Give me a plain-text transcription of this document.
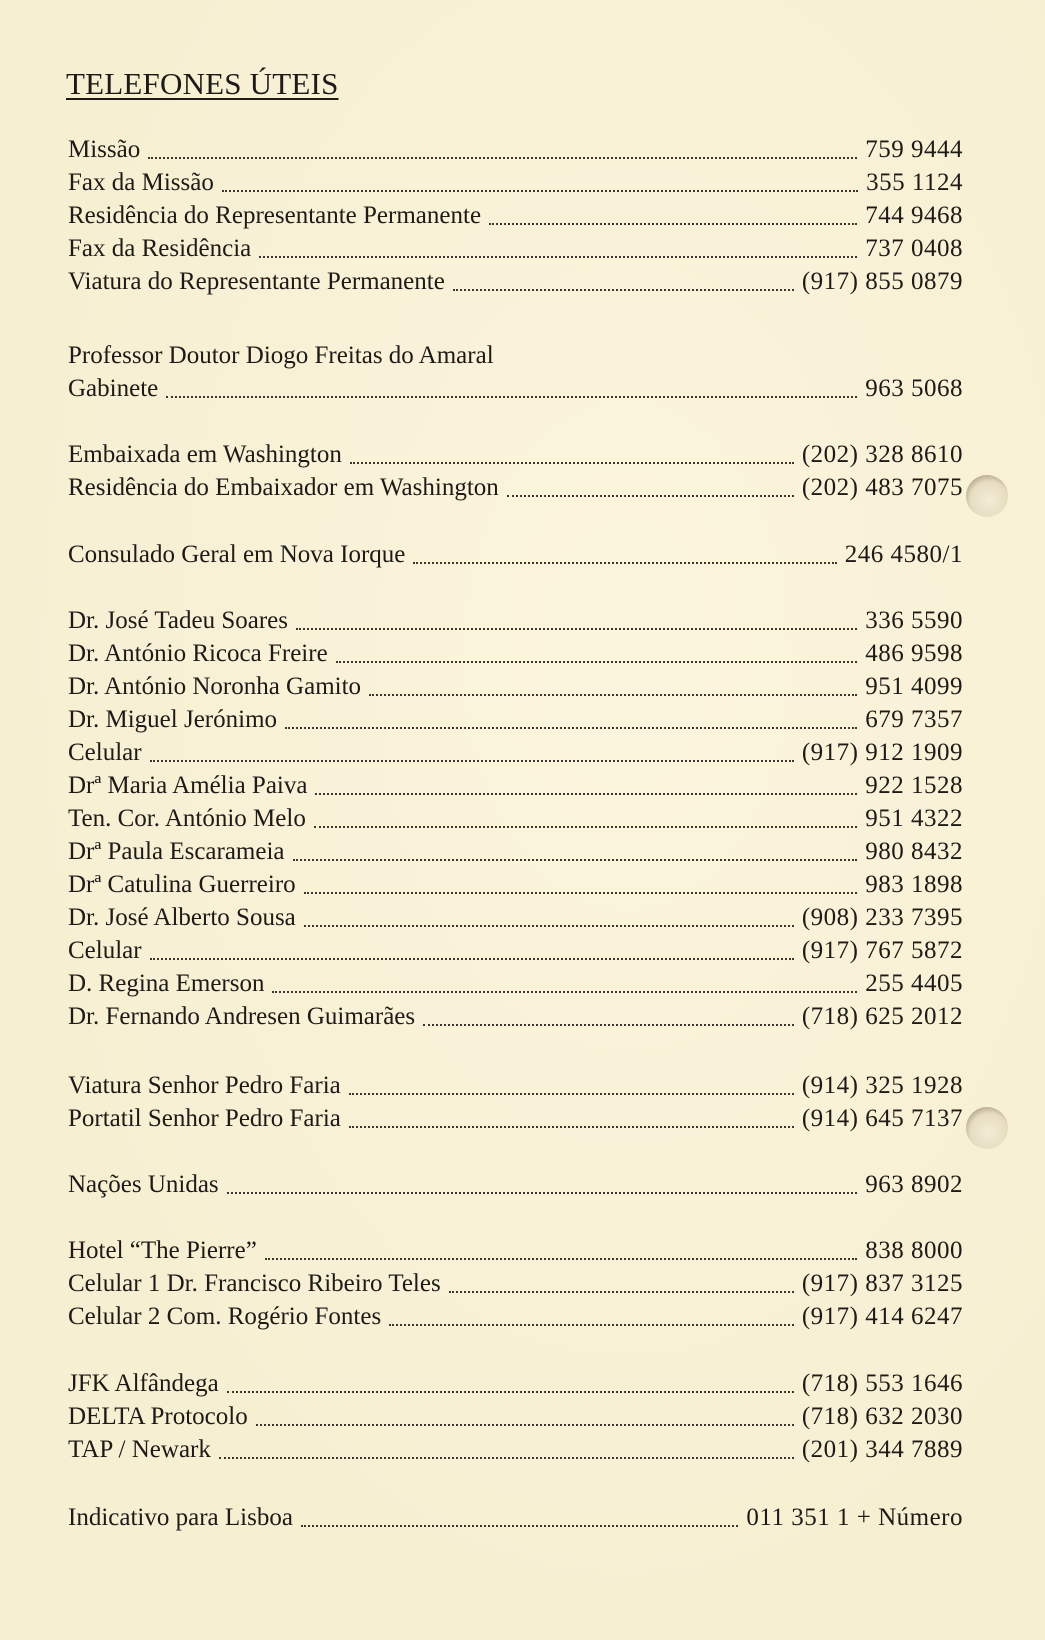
TELEFONES ÚTEIS
Missão	759 9444
Fax da Missão	355 1124
Residência do Representante Permanente	744 9468
Fax da Residência	737 0408
Viatura do Representante Permanente	(917) 855 0879
Professor Doutor Diogo Freitas do Amaral
Gabinete	963 5068
Embaixada em Washington	(202) 328 8610
Residência do Embaixador em Washington	(202) 483 7075
Consulado Geral em Nova Iorque	246 4580/1
Dr. José Tadeu Soares	336 5590
Dr. António Ricoca Freire	486 9598
Dr. António Noronha Gamito	951 4099
Dr. Miguel Jerónimo	679 7357
Celular	(917) 912 1909
Drª Maria Amélia Paiva	922 1528
Ten. Cor. António Melo	951 4322
Drª Paula Escarameia	980 8432
Drª Catulina Guerreiro	983 1898
Dr. José Alberto Sousa	(908) 233 7395
Celular	(917) 767 5872
D. Regina Emerson	255 4405
Dr. Fernando Andresen Guimarães	(718) 625 2012
Viatura Senhor Pedro Faria	(914) 325 1928
Portatil Senhor Pedro Faria	(914) 645 7137
Nações Unidas	963 8902
Hotel “The Pierre”	838 8000
Celular 1 Dr. Francisco Ribeiro Teles	(917) 837 3125
Celular 2 Com. Rogério Fontes	(917) 414 6247
JFK Alfândega	(718) 553 1646
DELTA Protocolo	(718) 632 2030
TAP / Newark	(201) 344 7889
Indicativo para Lisboa	011 351 1 + Número
